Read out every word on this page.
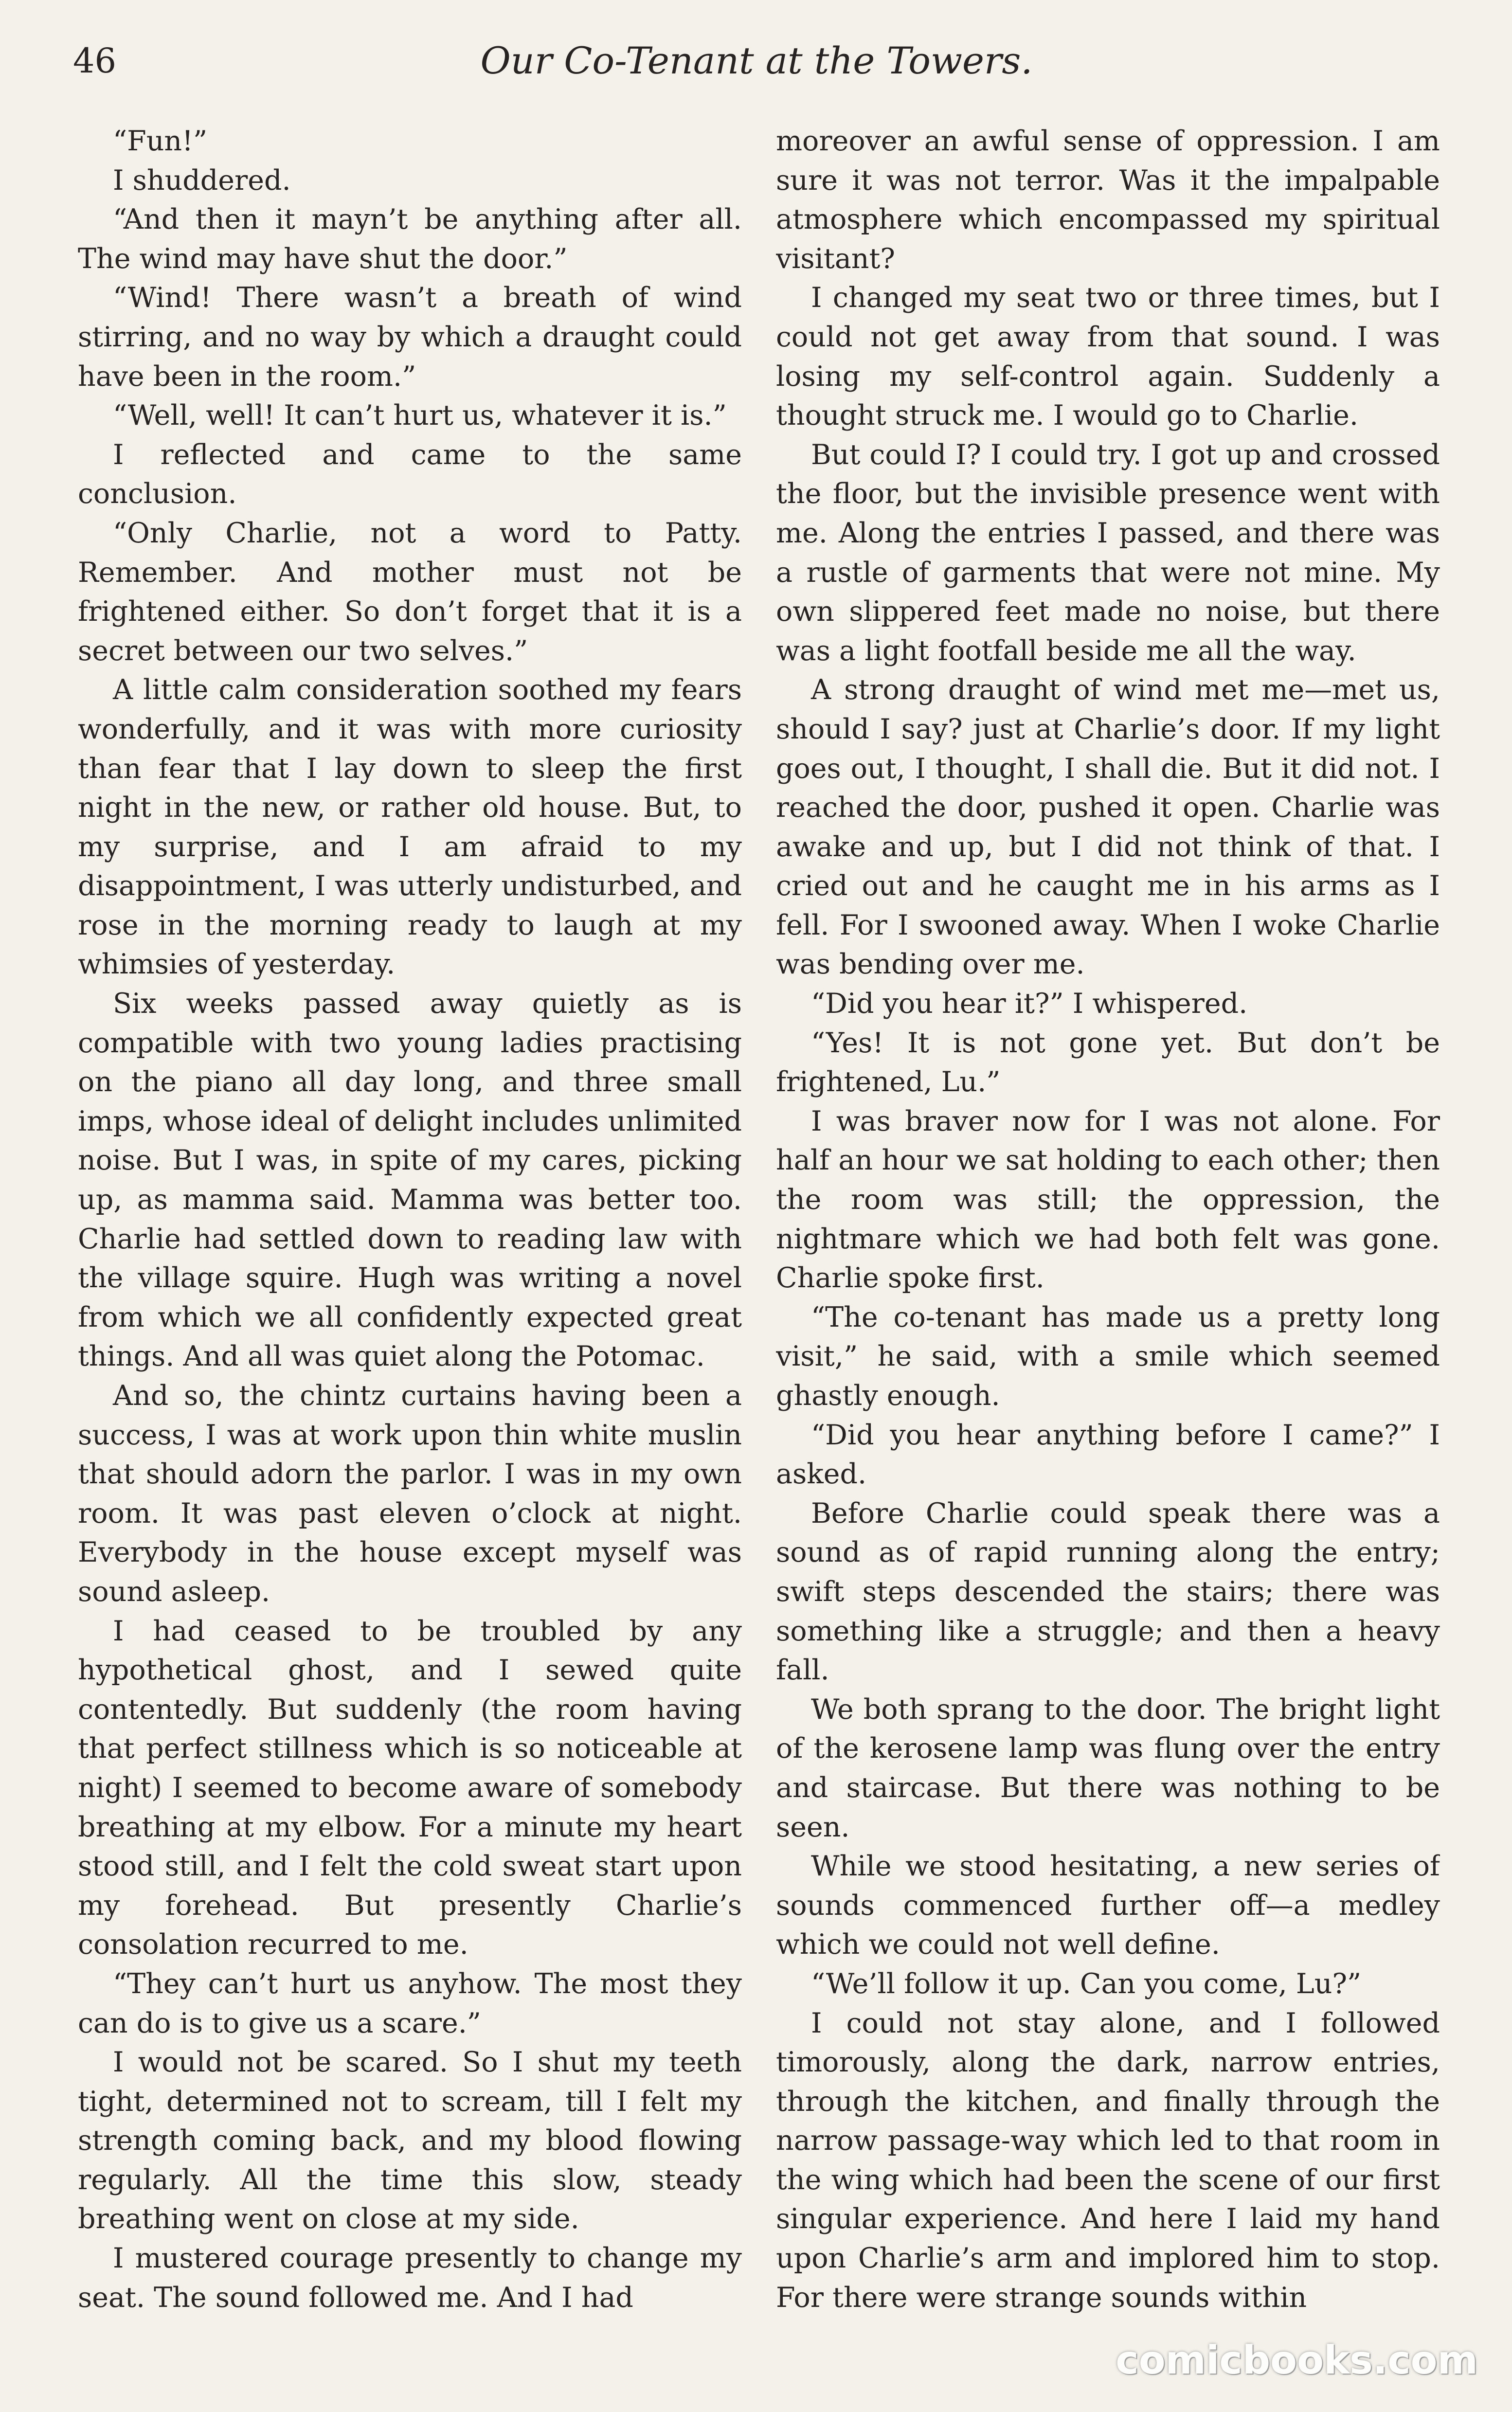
46	Our Co-Tenant at the Towers.

“Fun!”

I shuddered.

“And then it mayn’t be anything after all. The wind may have shut the door.”

“Wind! There wasn’t a breath of wind stirring, and no way by which a draught could have been in the room.”

“Well, well! It can’t hurt us, whatever it is.”

I reflected and came to the same conclusion.

“Only Charlie, not a word to Patty. Remember. And mother must not be frightened either. So don’t forget that it is a secret between our two selves.”

A little calm consideration soothed my fears wonderfully, and it was with more curiosity than fear that I lay down to sleep the first night in the new, or rather old house. But, to my surprise, and I am afraid to my disappointment, I was utterly undisturbed, and rose in the morning ready to laugh at my whimsies of yesterday.

Six weeks passed away quietly as is compatible with two young ladies practising on the piano all day long, and three small imps, whose ideal of delight includes unlimited noise. But I was, in spite of my cares, picking up, as mamma said. Mamma was better too. Charlie had settled down to reading law with the village squire. Hugh was writing a novel from which we all confidently expected great things. And all was quiet along the Potomac.

And so, the chintz curtains having been a success, I was at work upon thin white muslin that should adorn the parlor. I was in my own room. It was past eleven o’clock at night. Everybody in the house except myself was sound asleep.

I had ceased to be troubled by any hypothetical ghost, and I sewed quite contentedly. But suddenly (the room having that perfect stillness which is so noticeable at night) I seemed to become aware of somebody breathing at my elbow. For a minute my heart stood still, and I felt the cold sweat start upon my forehead. But presently Charlie’s consolation recurred to me.

“They can’t hurt us anyhow. The most they can do is to give us a scare.”

I would not be scared. So I shut my teeth tight, determined not to scream, till I felt my strength coming back, and my blood flowing regularly. All the time this slow, steady breathing went on close at my side.

I mustered courage presently to change my seat. The sound followed me. And I had

moreover an awful sense of oppression. I am sure it was not terror. Was it the impalpable atmosphere which encompassed my spiritual visitant?

I changed my seat two or three times, but I could not get away from that sound. I was losing my self-control again. Suddenly a thought struck me. I would go to Charlie.

But could I? I could try. I got up and crossed the floor, but the invisible presence went with me. Along the entries I passed, and there was a rustle of garments that were not mine. My own slippered feet made no noise, but there was a light footfall beside me all the way.

A strong draught of wind met me—met us, should I say? just at Charlie’s door. If my light goes out, I thought, I shall die. But it did not. I reached the door, pushed it open. Charlie was awake and up, but I did not think of that. I cried out and he caught me in his arms as I fell. For I swooned away. When I woke Charlie was bending over me.

“Did you hear it?” I whispered.

“Yes! It is not gone yet. But don’t be frightened, Lu.”

I was braver now for I was not alone. For half an hour we sat holding to each other; then the room was still; the oppression, the nightmare which we had both felt was gone. Charlie spoke first.

“The co-tenant has made us a pretty long visit,” he said, with a smile which seemed ghastly enough.

“Did you hear anything before I came?” I asked.

Before Charlie could speak there was a sound as of rapid running along the entry; swift steps descended the stairs; there was something like a struggle; and then a heavy fall.

We both sprang to the door. The bright light of the kerosene lamp was flung over the entry and staircase. But there was nothing to be seen.

While we stood hesitating, a new series of sounds commenced further off—a medley which we could not well define.

“We’ll follow it up. Can you come, Lu?”

I could not stay alone, and I followed timorously, along the dark, narrow entries, through the kitchen, and finally through the narrow passage-way which led to that room in the wing which had been the scene of our first singular experience. And here I laid my hand upon Charlie’s arm and implored him to stop. For there were strange sounds within

comicbooks.com
